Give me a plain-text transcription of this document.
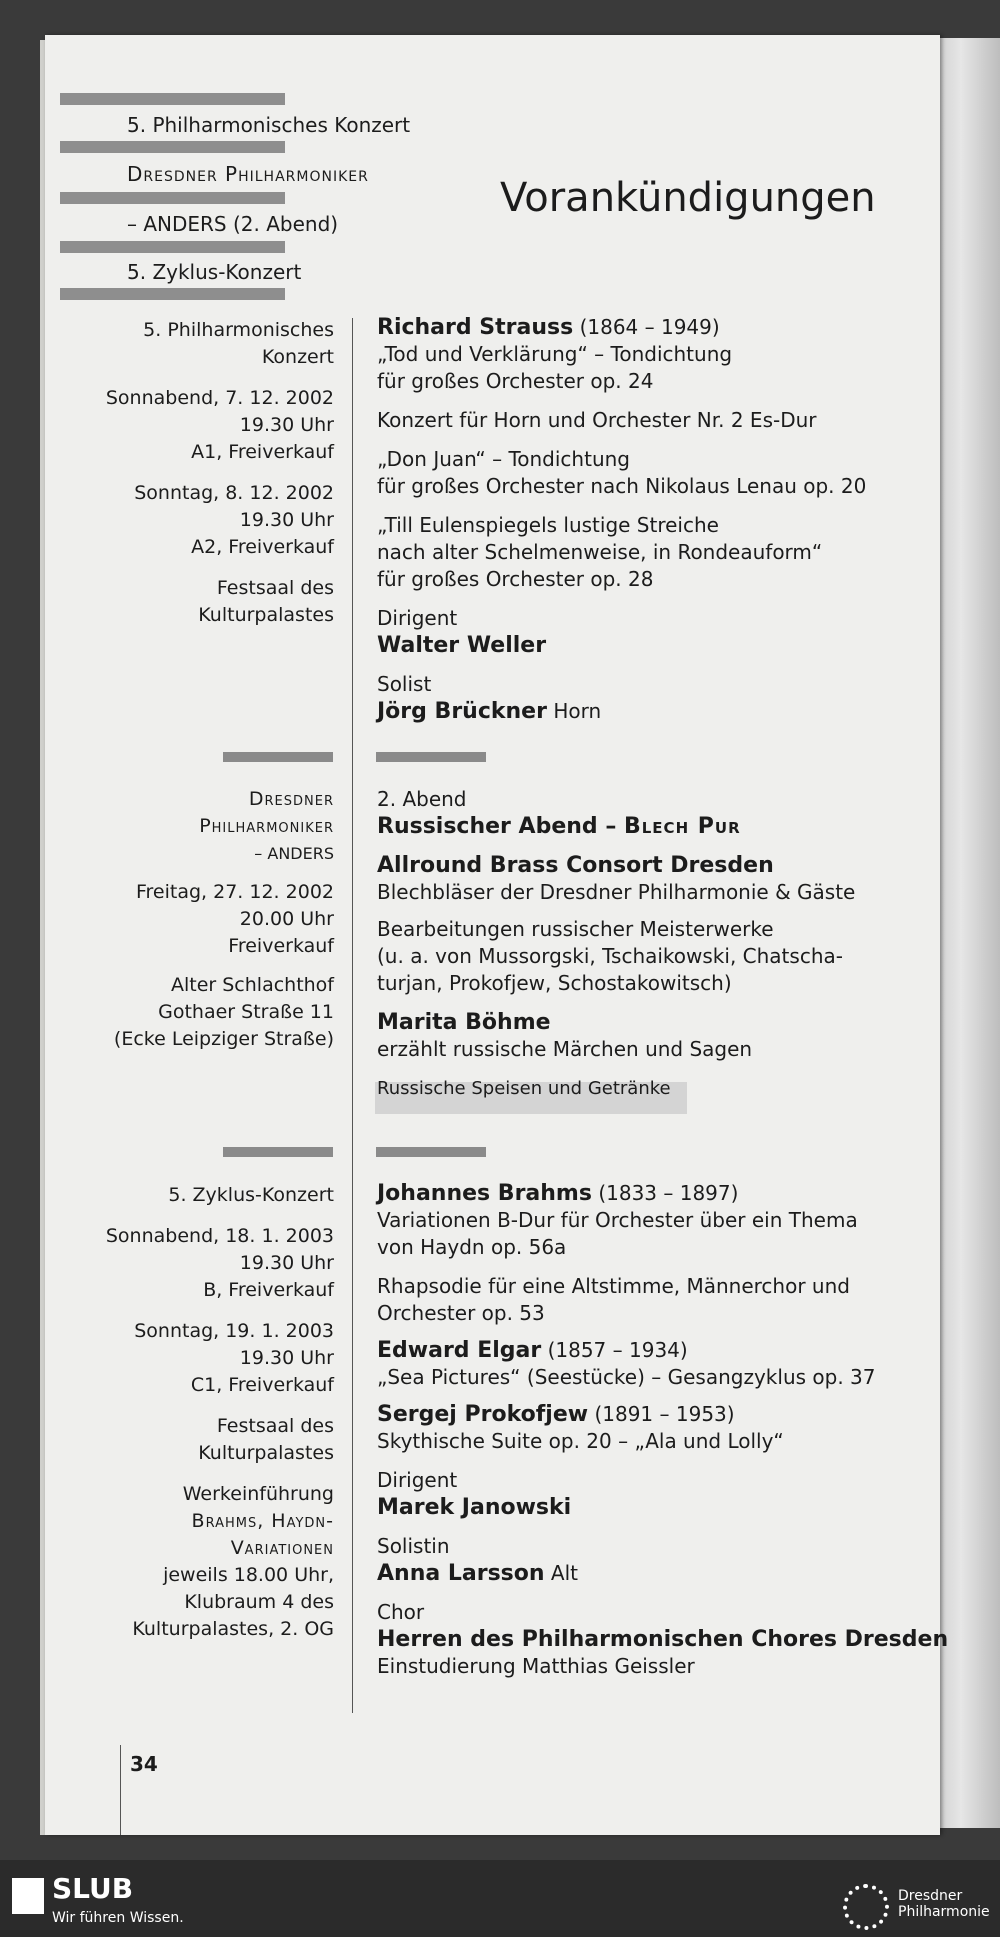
5. Philharmonisches Konzert
Dresdner Philharmoniker
– ANDERS (2. Abend)
5. Zyklus-Konzert
Vorankündigungen
5. Philharmonisches
Konzert
Sonnabend, 7. 12. 2002
19.30 Uhr
A1, Freiverkauf
Sonntag, 8. 12. 2002
19.30 Uhr
A2, Freiverkauf
Festsaal des
Kulturpalastes
Richard Strauss (1864 – 1949)
„Tod und Verklärung“ – Tondichtung
für großes Orchester op. 24
Konzert für Horn und Orchester Nr. 2 Es-Dur
„Don Juan“ – Tondichtung
für großes Orchester nach Nikolaus Lenau op. 20
„Till Eulenspiegels lustige Streiche
nach alter Schelmenweise, in Rondeauform“
für großes Orchester op. 28
Dirigent
Walter Weller
Solist
Jörg Brückner Horn
Dresdner
Philharmoniker
– ANDERS
Freitag, 27. 12. 2002
20.00 Uhr
Freiverkauf
Alter Schlachthof
Gothaer Straße 11
(Ecke Leipziger Straße)
2. Abend
Russischer Abend – Blech Pur
Allround Brass Consort Dresden
Blechbläser der Dresdner Philharmonie & Gäste
Bearbeitungen russischer Meisterwerke
(u. a. von Mussorgski, Tschaikowski, Chatscha-
turjan, Prokofjew, Schostakowitsch)
Marita Böhme
erzählt russische Märchen und Sagen
Russische Speisen und Getränke
5. Zyklus-Konzert
Sonnabend, 18. 1. 2003
19.30 Uhr
B, Freiverkauf
Sonntag, 19. 1. 2003
19.30 Uhr
C1, Freiverkauf
Festsaal des
Kulturpalastes
Werkeinführung
Brahms, Haydn-
Variationen
jeweils 18.00 Uhr,
Klubraum 4 des
Kulturpalastes, 2. OG
Johannes Brahms (1833 – 1897)
Variationen B-Dur für Orchester über ein Thema
von Haydn op. 56a
Rhapsodie für eine Altstimme, Männerchor und
Orchester op. 53
Edward Elgar (1857 – 1934)
„Sea Pictures“ (Seestücke) – Gesangzyklus op. 37
Sergej Prokofjew (1891 – 1953)
Skythische Suite op. 20 – „Ala und Lolly“
Dirigent
Marek Janowski
Solistin
Anna Larsson Alt
Chor
Herren des Philharmonischen Chores Dresden
Einstudierung Matthias Geissler
34
SLUB
Wir führen Wissen.
Dresdner
Philharmonie
